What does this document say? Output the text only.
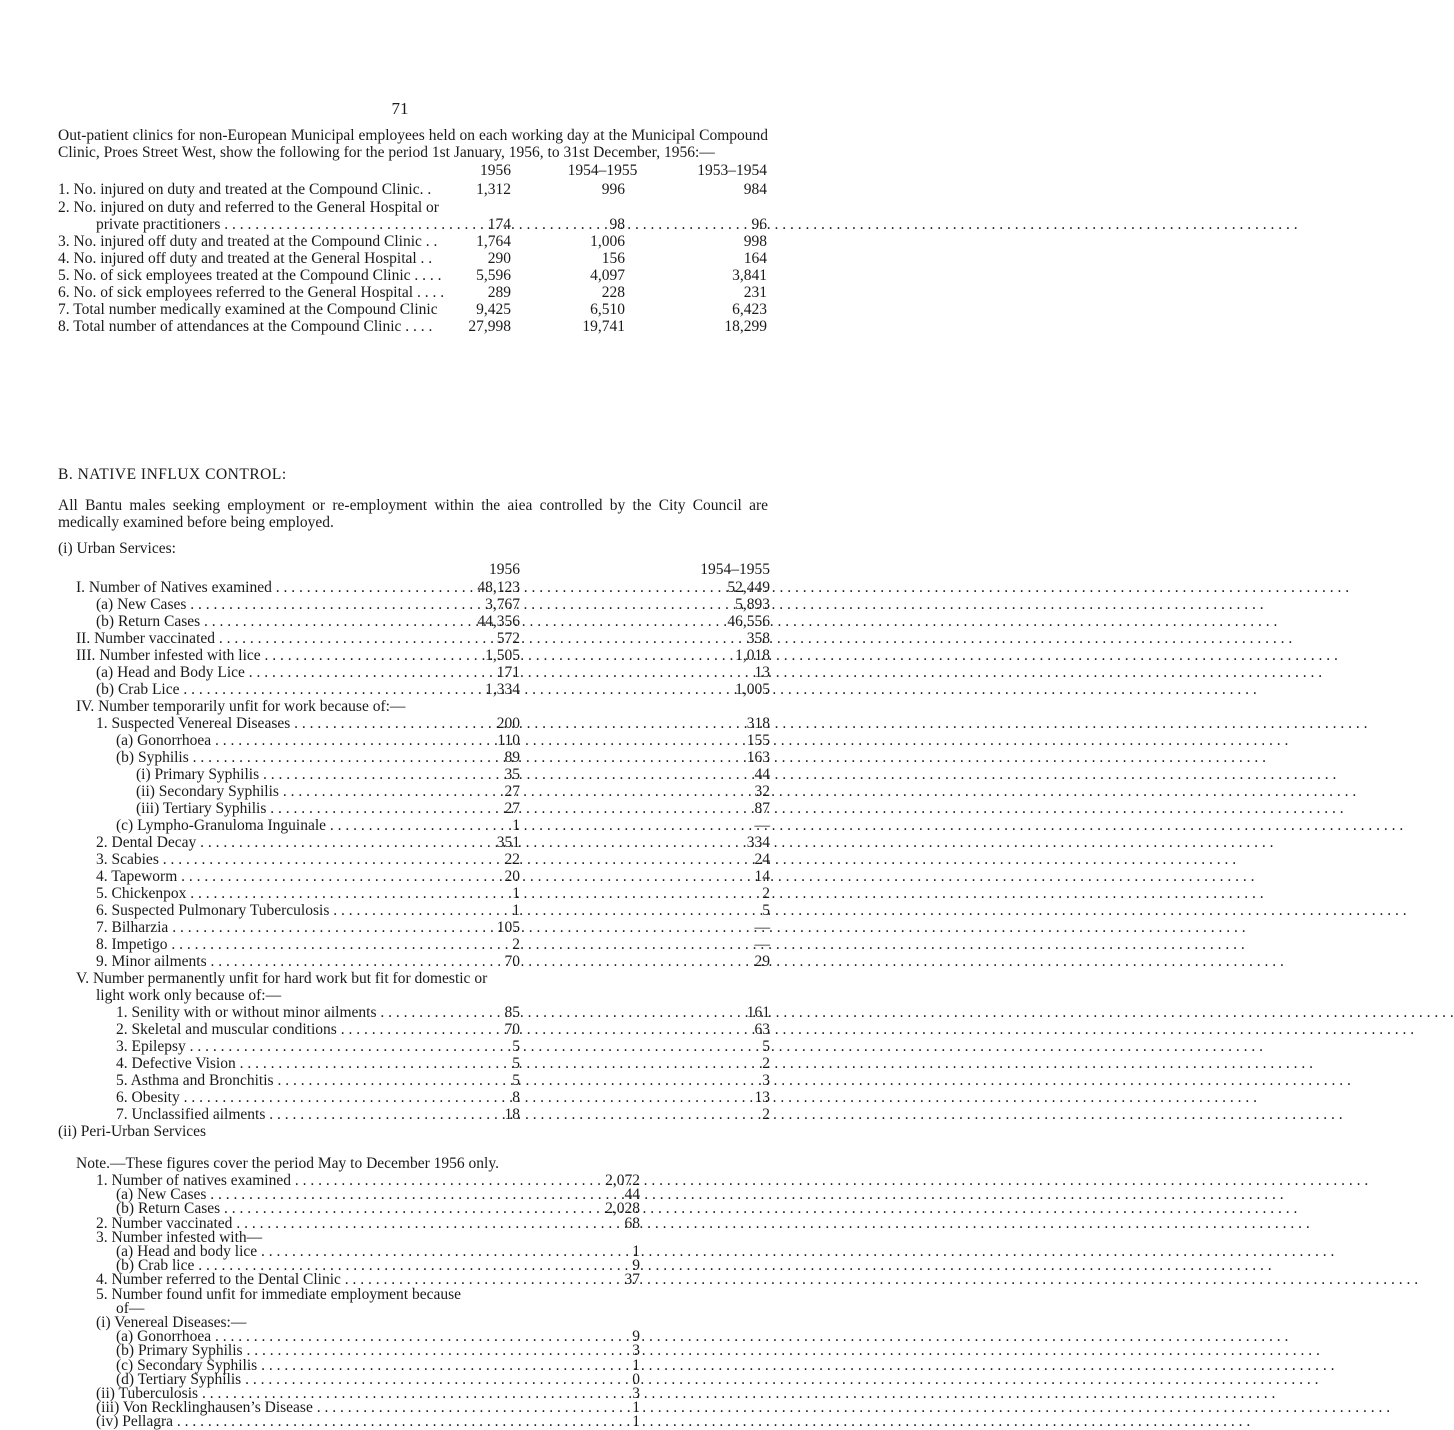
71
Out-patient clinics for non-European Municipal employees held on each working day at the Municipal Compound Clinic, Proes Street West, show the following for the period 1st January, 1956, to 31st December, 1956:—
1956	1954–1955	1953–1954
1. No. injured on duty and treated at the Compound Clinic. .	1,312	996	984
2. No. injured on duty and referred to the General Hospital or
private practitioners . . .	174	98	96
3. No. injured off duty and treated at the Compound Clinic . .	1,764	1,006	998
4. No. injured off duty and treated at the General Hospital . .	290	156	164
5. No. of sick employees treated at the Compound Clinic . . . . 5,596	4,097	3,841
6. No. of sick employees referred to the General Hospital . . . .	289	228	231
7. Total number medically examined at the Compound Clinic	9,425	6,510	6,423
8. Total number of attendances at the Compound Clinic . . . .	27,998	19,741	18,299
B. NATIVE INFLUX CONTROL:
All Bantu males seeking employment or re-employment within the aiea controlled by the City Council are medically examined before being employed.
(i) Urban Services:
1956	1954–1955
I. Number of Natives examined . . .	48,123	52,449
(a) New Cases . . .	3,767	5,893
(b) Return Cases . . .	44,356	46,556
II. Number vaccinated . . .	572	358
III. Number infested with lice . . .	1,505	1,018
(a) Head and Body Lice . . .	171	13
(b) Crab Lice . . .	1,334	1,005
IV. Number temporarily unfit for work because of:—
1. Suspected Venereal Diseases . . .	200	318
(a) Gonorrhoea . . .	110	155
(b) Syphilis . . .	89	163
(i) Primary Syphilis . . .	35	44
(ii) Secondary Syphilis . . .	27	32
(iii) Tertiary Syphilis . . .	27	87
(c) Lympho-Granuloma Inguinale . . .	1	—
2. Dental Decay . . .	351	334
3. Scabies . . .	22	24
4. Tapeworm . . .	20	14
5. Chickenpox . . .	1	2
6. Suspected Pulmonary Tuberculosis . . .	1	5
7. Bilharzia . . .	105	—
8. Impetigo . . .	2	—
9. Minor ailments . . .	70	29
V. Number permanently unfit for hard work but fit for domestic or
light work only because of:—
1. Senility with or without minor ailments . . .	85	161
2. Skeletal and muscular conditions . . .	70	63
3. Epilepsy . . .	5	5
4. Defective Vision . . .	5	2
5. Asthma and Bronchitis . . .	5	3
6. Obesity . . .	8	13
7. Unclassified ailments . . .	18	2
(ii) Peri-Urban Services
Note.—These figures cover the period May to December 1956 only.
1. Number of natives examined . . .	2,072
(a) New Cases . . .	44
(b) Return Cases . . .	2,028
2. Number vaccinated . . .	68
3. Number infested with—
(a) Head and body lice . . .	1
(b) Crab lice . . .	9
4. Number referred to the Dental Clinic . . .	37
5. Number found unfit for immediate employment because
of—
(i) Venereal Diseases:—
(a) Gonorrhoea . . .	9
(b) Primary Syphilis . . .	3
(c) Secondary Syphilis . . .	1
(d) Tertiary Syphilis . . .	0
(ii) Tuberculosis . . .	3
(iii) Von Recklinghausen’s Disease . . .	1
(iv) Pellagra . . .	1
